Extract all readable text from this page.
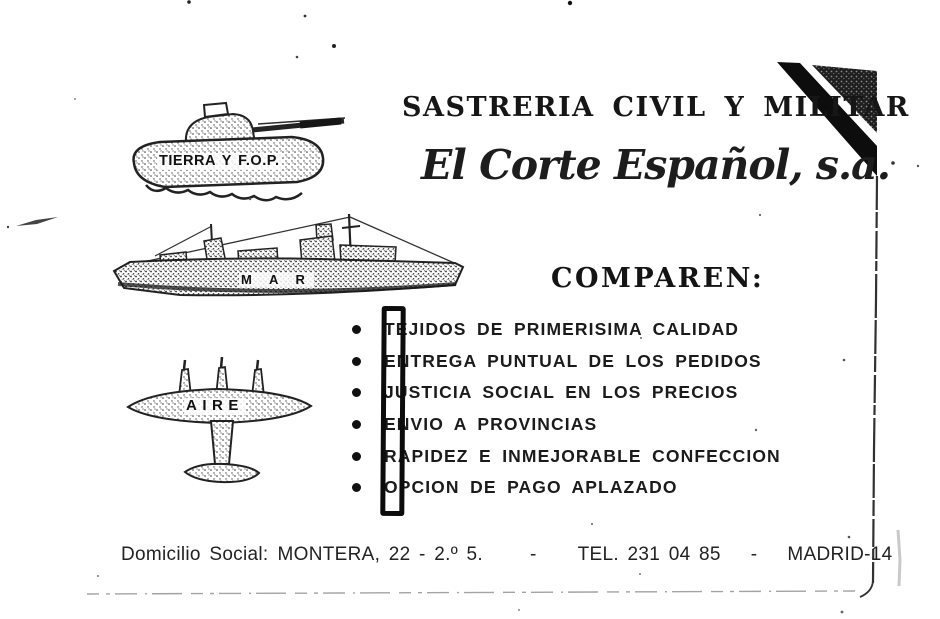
SASTRERIA CIVIL Y MILITAR
El Corte Español, s.a.
TIERRA Y F.O.P.
M A R
AIRE
COMPAREN:
TEJIDOS DE PRIMERISIMA CALIDAD
ENTREGA PUNTUAL DE LOS PEDIDOS
JUSTICIA SOCIAL EN LOS PRECIOS
ENVIO A PROVINCIAS
RAPIDEZ E INMEJORABLE CONFECCION
OPCION DE PAGO APLAZADO
Domicilio Social: MONTERA, 22 - 2.º 5. - TEL. 231 04 85 - MADRID-14
